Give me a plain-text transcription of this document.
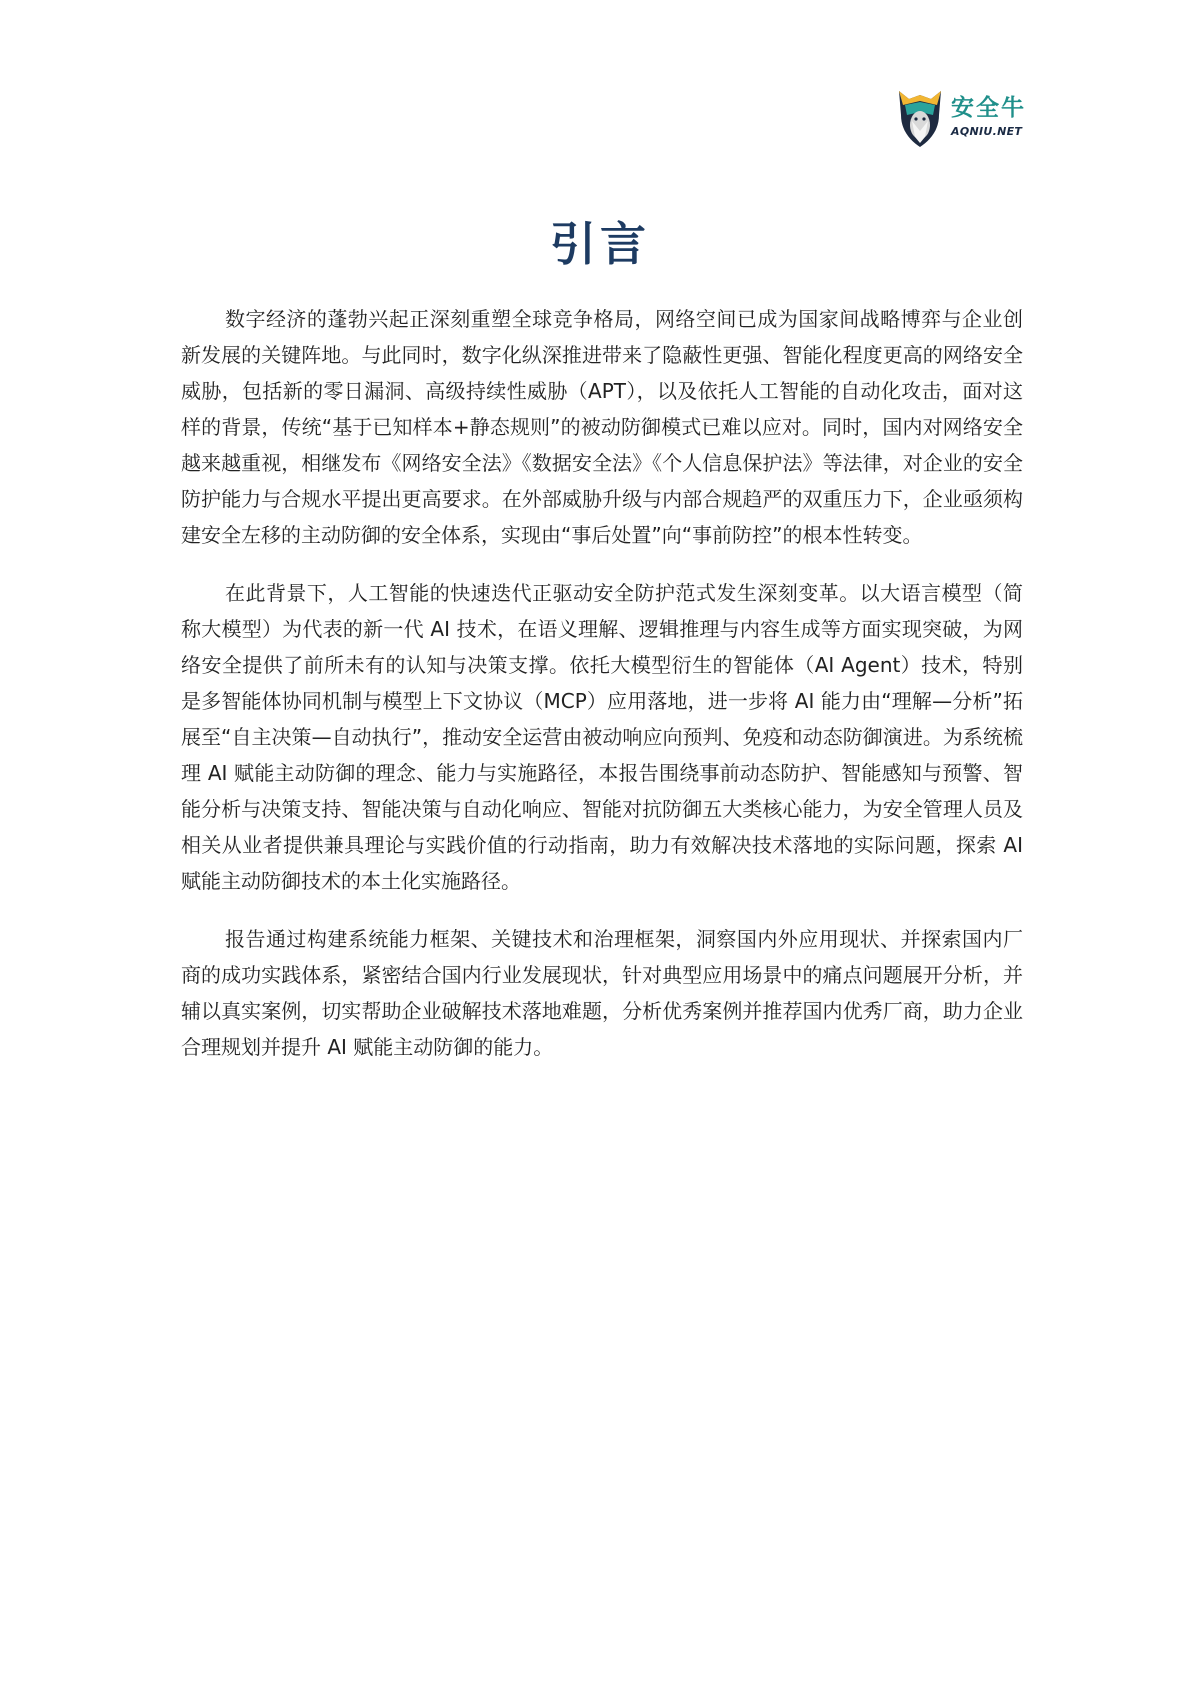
安全牛
AQNIU.NET
引言

数字经济的蓬勃兴起正深刻重塑全球竞争格局，网络空间已成为国家间战略博弈与企业创新发展的关键阵地。与此同时，数字化纵深推进带来了隐蔽性更强、智能化程度更高的网络安全威胁，包括新的零日漏洞、高级持续性威胁（APT），以及依托人工智能的自动化攻击，面对这样的背景，传统“基于已知样本+静态规则”的被动防御模式已难以应对。同时，国内对网络安全越来越重视，相继发布《网络安全法》《数据安全法》《个人信息保护法》等法律，对企业的安全防护能力与合规水平提出更高要求。在外部威胁升级与内部合规趋严的双重压力下，企业亟须构建安全左移的主动防御的安全体系，实现由“事后处置”向“事前防控”的根本性转变。

在此背景下，人工智能的快速迭代正驱动安全防护范式发生深刻变革。以大语言模型（简称大模型）为代表的新一代 AI 技术，在语义理解、逻辑推理与内容生成等方面实现突破，为网络安全提供了前所未有的认知与决策支撑。依托大模型衍生的智能体（AI Agent）技术，特别是多智能体协同机制与模型上下文协议（MCP）应用落地，进一步将 AI 能力由“理解—分析”拓展至“自主决策—自动执行”，推动安全运营由被动响应向预判、免疫和动态防御演进。为系统梳理 AI 赋能主动防御的理念、能力与实施路径，本报告围绕事前动态防护、智能感知与预警、智能分析与决策支持、智能决策与自动化响应、智能对抗防御五大类核心能力，为安全管理人员及相关从业者提供兼具理论与实践价值的行动指南，助力有效解决技术落地的实际问题，探索 AI 赋能主动防御技术的本土化实施路径。

报告通过构建系统能力框架、关键技术和治理框架，洞察国内外应用现状、并探索国内厂商的成功实践体系，紧密结合国内行业发展现状，针对典型应用场景中的痛点问题展开分析，并辅以真实案例，切实帮助企业破解技术落地难题，分析优秀案例并推荐国内优秀厂商，助力企业合理规划并提升 AI 赋能主动防御的能力。
